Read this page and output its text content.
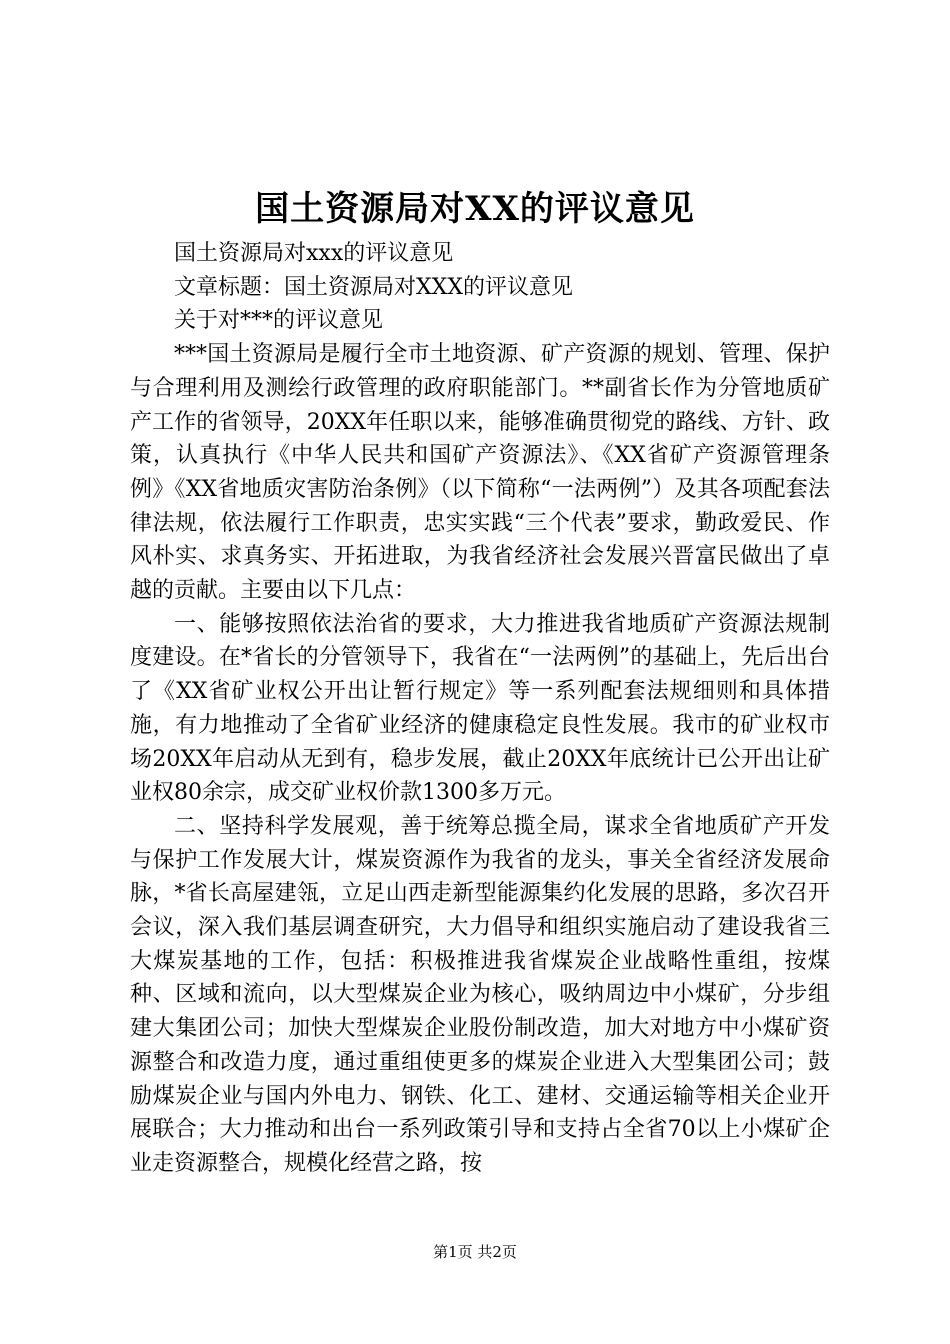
国土资源局对XX的评议意见

国土资源局对xxx的评议意见

文章标题：国土资源局对XXX的评议意见

关于对***的评议意见

***国土资源局是履行全市土地资源、矿产资源的规划、管理、保护与合理利用及测绘行政管理的政府职能部门。**副省长作为分管地质矿产工作的省领导，20XX年任职以来，能够准确贯彻党的路线、方针、政策，认真执行《中华人民共和国矿产资源法》、《XX省矿产资源管理条例》《XX省地质灾害防治条例》（以下简称“一法两例”）及其各项配套法律法规，依法履行工作职责，忠实实践“三个代表”要求，勤政爱民、作风朴实、求真务实、开拓进取，为我省经济社会发展兴晋富民做出了卓越的贡献。主要由以下几点：

一、能够按照依法治省的要求，大力推进我省地质矿产资源法规制度建设。在*省长的分管领导下，我省在“一法两例”的基础上，先后出台了《XX省矿业权公开出让暂行规定》等一系列配套法规细则和具体措施，有力地推动了全省矿业经济的健康稳定良性发展。我市的矿业权市场20XX年启动从无到有，稳步发展，截止20XX年底统计已公开出让矿业权80余宗，成交矿业权价款1300多万元。

二、坚持科学发展观，善于统筹总揽全局，谋求全省地质矿产开发与保护工作发展大计，煤炭资源作为我省的龙头，事关全省经济发展命脉，*省长高屋建瓴，立足山西走新型能源集约化发展的思路，多次召开会议，深入我们基层调查研究，大力倡导和组织实施启动了建设我省三大煤炭基地的工作，包括：积极推进我省煤炭企业战略性重组，按煤种、区域和流向，以大型煤炭企业为核心，吸纳周边中小煤矿，分步组建大集团公司；加快大型煤炭企业股份制改造，加大对地方中小煤矿资源整合和改造力度，通过重组使更多的煤炭企业进入大型集团公司；鼓励煤炭企业与国内外电力、钢铁、化工、建材、交通运输等相关企业开展联合；大力推动和出台一系列政策引导和支持占全省70以上小煤矿企业走资源整合，规模化经营之路，按

第1页 共2页
